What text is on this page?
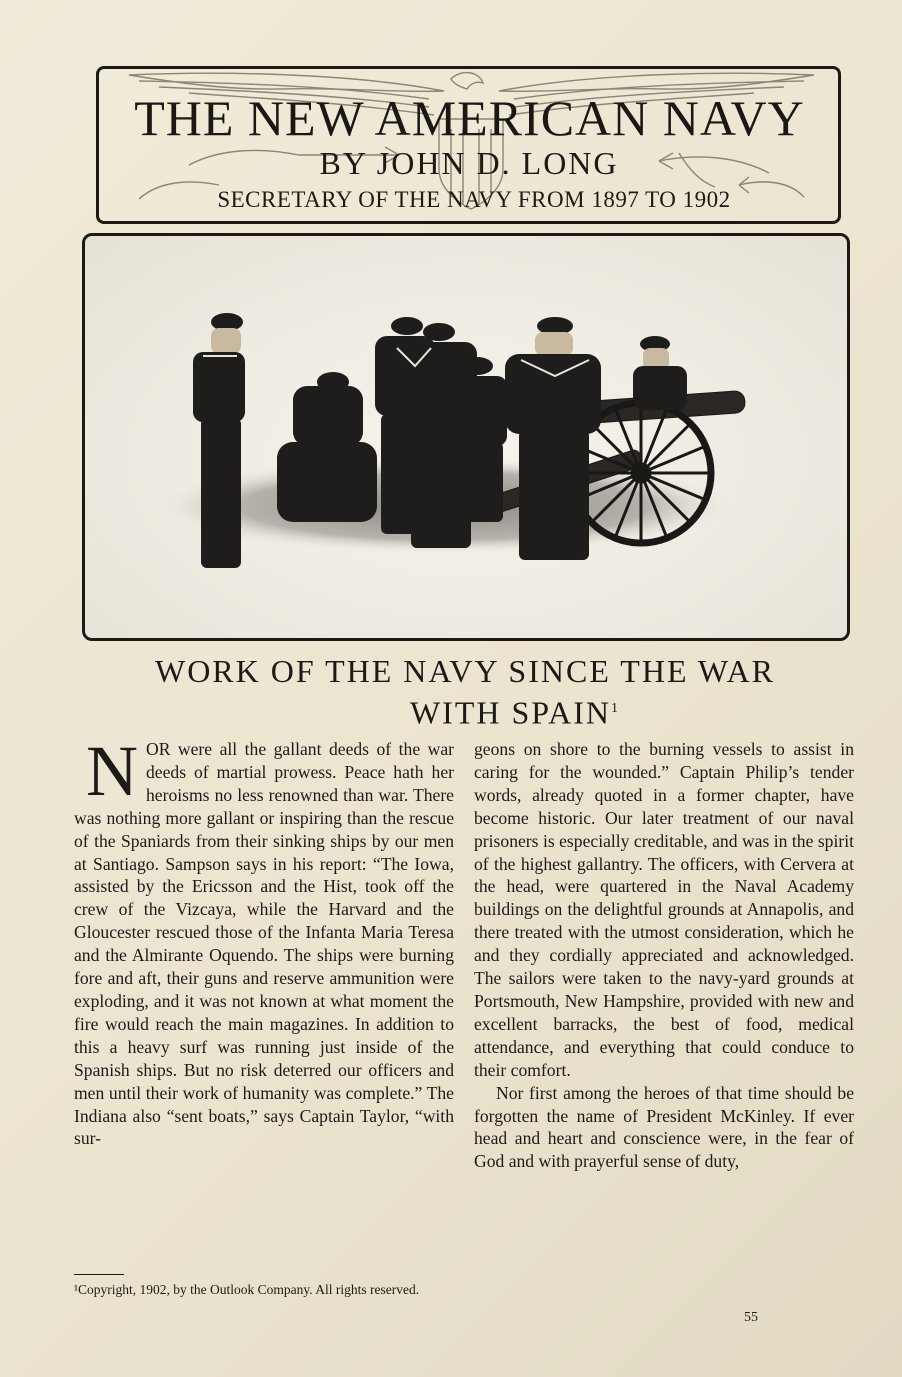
THE NEW AMERICAN NAVY
BY JOHN D. LONG
SECRETARY OF THE NAVY FROM 1897 TO 1902
WORK OF THE NAVY SINCE THE WAR
WITH SPAIN$^1$

NOR were all the gallant deeds of the war deeds of martial prowess. Peace hath her heroisms no less renowned than war. There was nothing more gallant or inspiring than the rescue of the Spaniards from their sinking ships by our men at Santiago. Sampson says in his report: “The Iowa, assisted by the Ericsson and the Hist, took off the crew of the Vizcaya, while the Harvard and the Gloucester rescued those of the Infanta Maria Teresa and the Almirante Oquendo. The ships were burning fore and aft, their guns and reserve ammunition were exploding, and it was not known at what moment the fire would reach the main magazines. In addition to this a heavy surf was running just inside of the Spanish ships. But no risk deterred our officers and men until their work of humanity was complete.” The Indiana also “sent boats,” says Captain Taylor, “with sur-

geons on shore to the burning vessels to assist in caring for the wounded.” Captain Philip’s tender words, already quoted in a former chapter, have become historic. Our later treatment of our naval prisoners is especially creditable, and was in the spirit of the highest gallantry. The officers, with Cervera at the head, were quartered in the Naval Academy buildings on the delightful grounds at Annapolis, and there treated with the utmost consideration, which he and they cordially appreciated and acknowledged. The sailors were taken to the navy-yard grounds at Portsmouth, New Hampshire, provided with new and excellent barracks, the best of food, medical attendance, and everything that could conduce to their comfort.

Nor first among the heroes of that time should be forgotten the name of President McKinley. If ever head and heart and conscience were, in the fear of God and with prayerful sense of duty,

¹Copyright, 1902, by the Outlook Company. All rights reserved.
55
